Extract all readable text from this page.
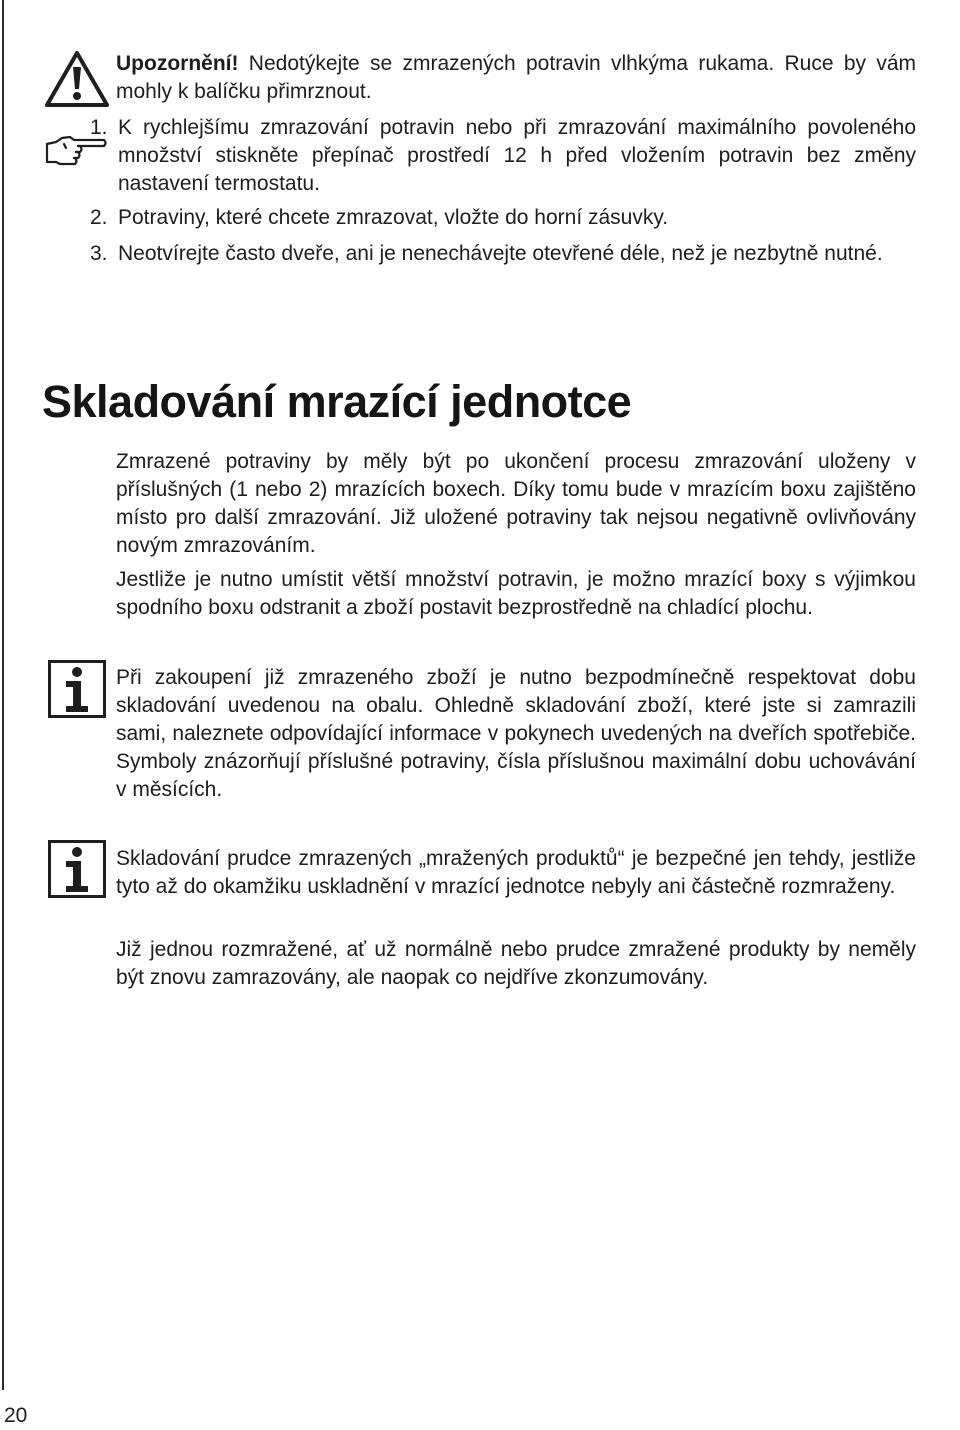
Upozornění! Nedotýkejte se zmrazených potravin vlhkýma rukama. Ruce by vám mohly k balíčku přimrznout.

1. K rychlejšímu zmrazování potravin nebo při zmrazování maximálního povoleného množství stiskněte přepínač prostředí 12 h před vložením potravin bez změny nastavení termostatu.
2. Potraviny, které chcete zmrazovat, vložte do horní zásuvky.
3. Neotvírejte často dveře, ani je nenechávejte otevřené déle, než je nezbytně nutné.
Skladování mrazící jednotce

Zmrazené potraviny by měly být po ukončení procesu zmrazování uloženy v příslušných (1 nebo 2) mrazících boxech. Díky tomu bude v mrazícím boxu zajištěno místo pro další zmrazování. Již uložené potraviny tak nejsou negativně ovlivňovány novým zmrazováním.

Jestliže je nutno umístit větší množství potravin, je možno mrazící boxy s výjimkou spodního boxu odstranit a zboží postavit bezprostředně na chladící plochu.

Při zakoupení již zmrazeného zboží je nutno bezpodmínečně respektovat dobu skladování uvedenou na obalu. Ohledně skladování zboží, které jste si zamrazili sami, naleznete odpovídající informace v pokynech uvedených na dveřích spotřebiče. Symboly znázorňují příslušné potraviny, čísla příslušnou maximální dobu uchovávání v měsících.

Skladování prudce zmrazených „mražených produktů“ je bezpečné jen tehdy, jestliže tyto až do okamžiku uskladnění v mrazící jednotce nebyly ani částečně rozmraženy.

Již jednou rozmražené, ať už normálně nebo prudce zmražené produkty by neměly být znovu zamrazovány, ale naopak co nejdříve zkonzumovány.

20
